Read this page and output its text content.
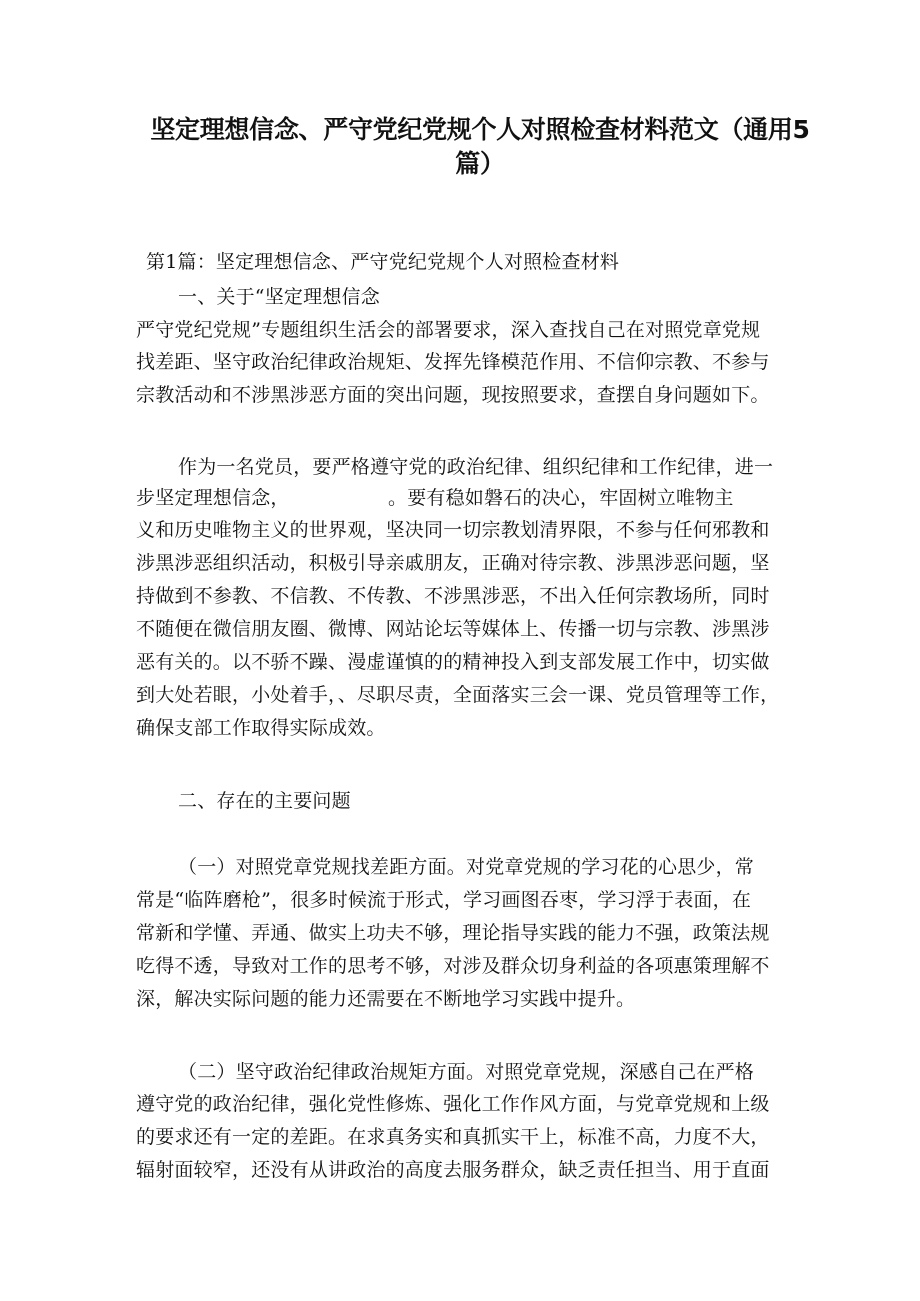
坚定理想信念、严守党纪党规个人对照检查材料范文（通用5
篇）
第1篇：坚定理想信念、严守党纪党规个人对照检查材料
一、关于“坚定理想信念
严守党纪党规”专题组织生活会的部署要求，深入查找自己在对照党章党规
找差距、坚守政治纪律政治规矩、发挥先锋模范作用、不信仰宗教、不参与
宗教活动和不涉黑涉恶方面的突出问题，现按照要求，查摆自身问题如下。
作为一名党员，要严格遵守党的政治纪律、组织纪律和工作纪律，进一
步坚定理想信念，	。要有稳如磐石的决心，牢固树立唯物主
义和历史唯物主义的世界观，坚决同一切宗教划清界限，不参与任何邪教和
涉黑涉恶组织活动，积极引导亲戚朋友，正确对待宗教、涉黑涉恶问题，坚
持做到不参教、不信教、不传教、不涉黑涉恶，不出入任何宗教场所，同时
不随便在微信朋友圈、微博、网站论坛等媒体上、传播一切与宗教、涉黑涉
恶有关的。以不骄不躁、漫虚谨慎的的精神投入到支部发展工作中，切实做
到大处若眼，小处着手，、尽职尽责，全面落实三会一课、党员管理等工作，
确保支部工作取得实际成效。
二、存在的主要问题
（一）对照党章党规找差距方面。对党章党规的学习花的心思少，常
常是“临阵磨枪”，很多时候流于形式，学习画图吞枣，学习浮于表面，在
常新和学懂、弄通、做实上功夫不够，理论指导实践的能力不强，政策法规
吃得不透，导致对工作的思考不够，对涉及群众切身利益的各项惠策理解不
深，解决实际问题的能力还需要在不断地学习实践中提升。
（二）坚守政治纪律政治规矩方面。对照党章党规，深感自己在严格
遵守党的政治纪律，强化党性修炼、强化工作作风方面，与党章党规和上级
的要求还有一定的差距。在求真务实和真抓实干上，标准不高，力度不大，
辐射面较窄，还没有从讲政治的高度去服务群众，缺乏责任担当、用于直面
